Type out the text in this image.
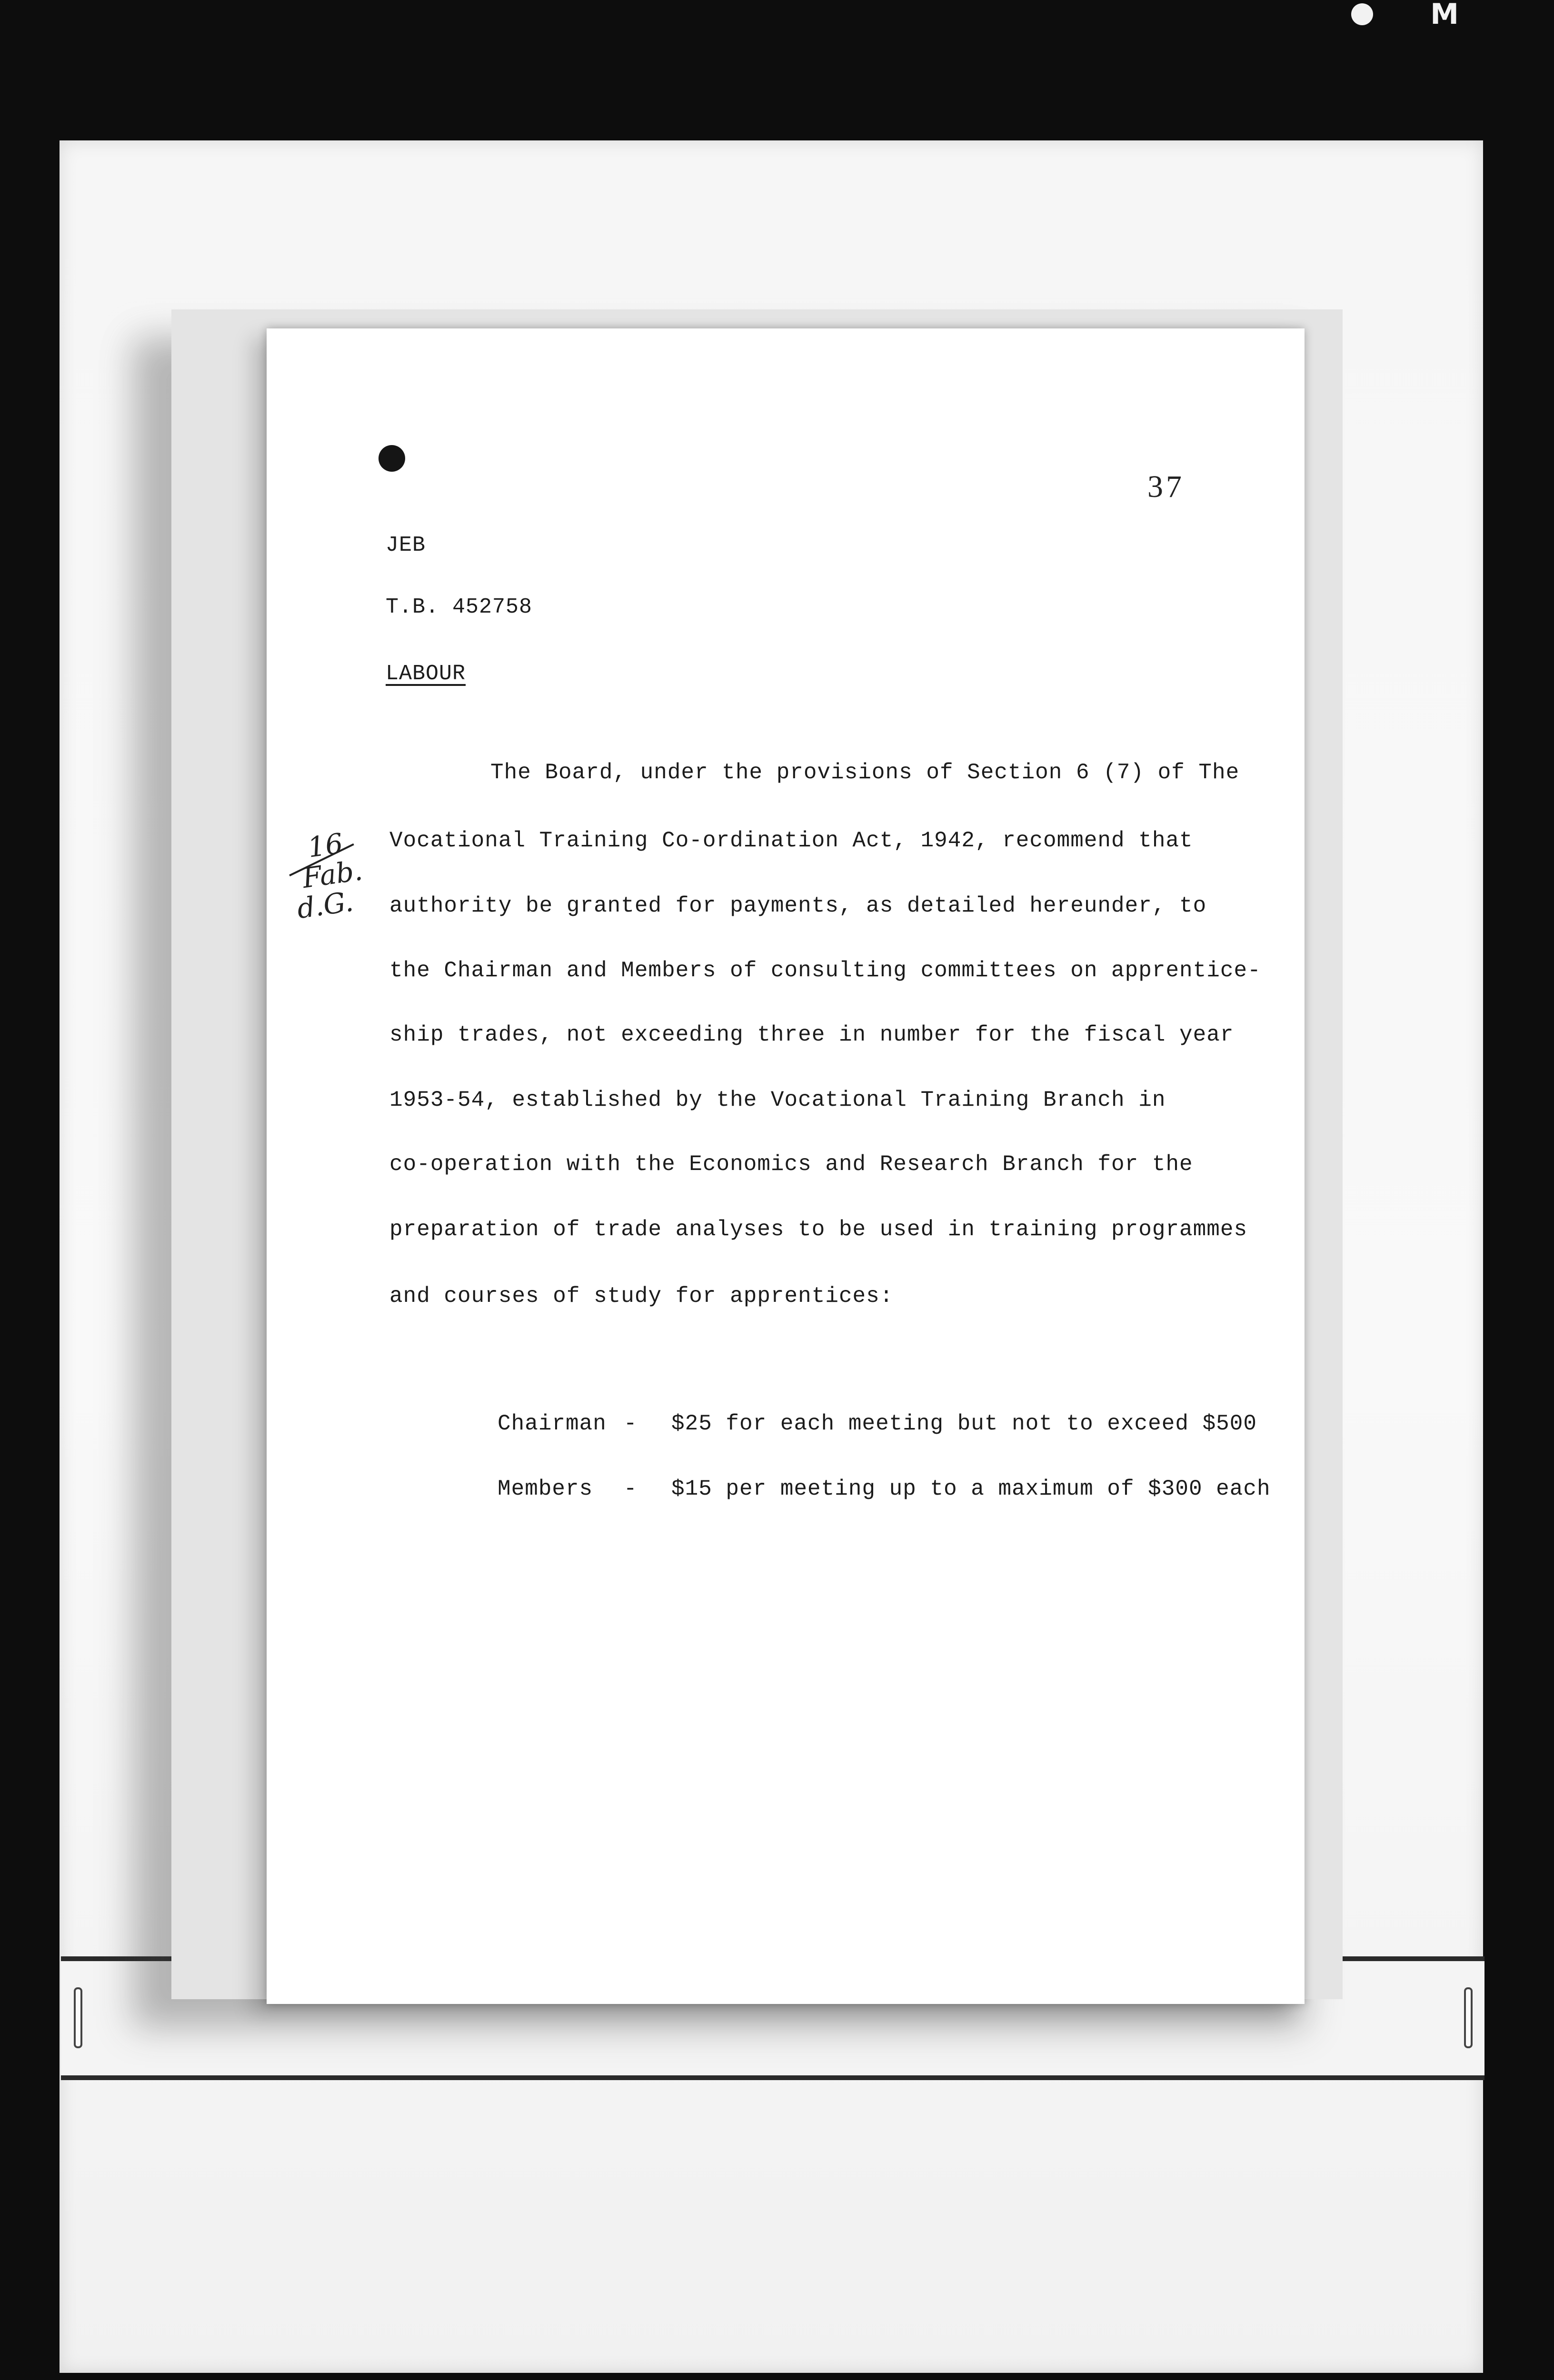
M
37
JEB
T.B. 452758
LABOUR
The Board, under the provisions of Section 6 (7) of The
Vocational Training Co-ordination Act, 1942, recommend that
authority be granted for payments, as detailed hereunder, to
the Chairman and Members of consulting committees on apprentice-
ship trades, not exceeding three in number for the fiscal year
1953-54, established by the Vocational Training Branch in
co-operation with the Economics and Research Branch for the
preparation of trade analyses to be used in training programmes
and courses of study for apprentices:
Chairman - $25 for each meeting but not to exceed $500
Members - $15 per meeting up to a maximum of $300 each
16
Fab.
d.G.
